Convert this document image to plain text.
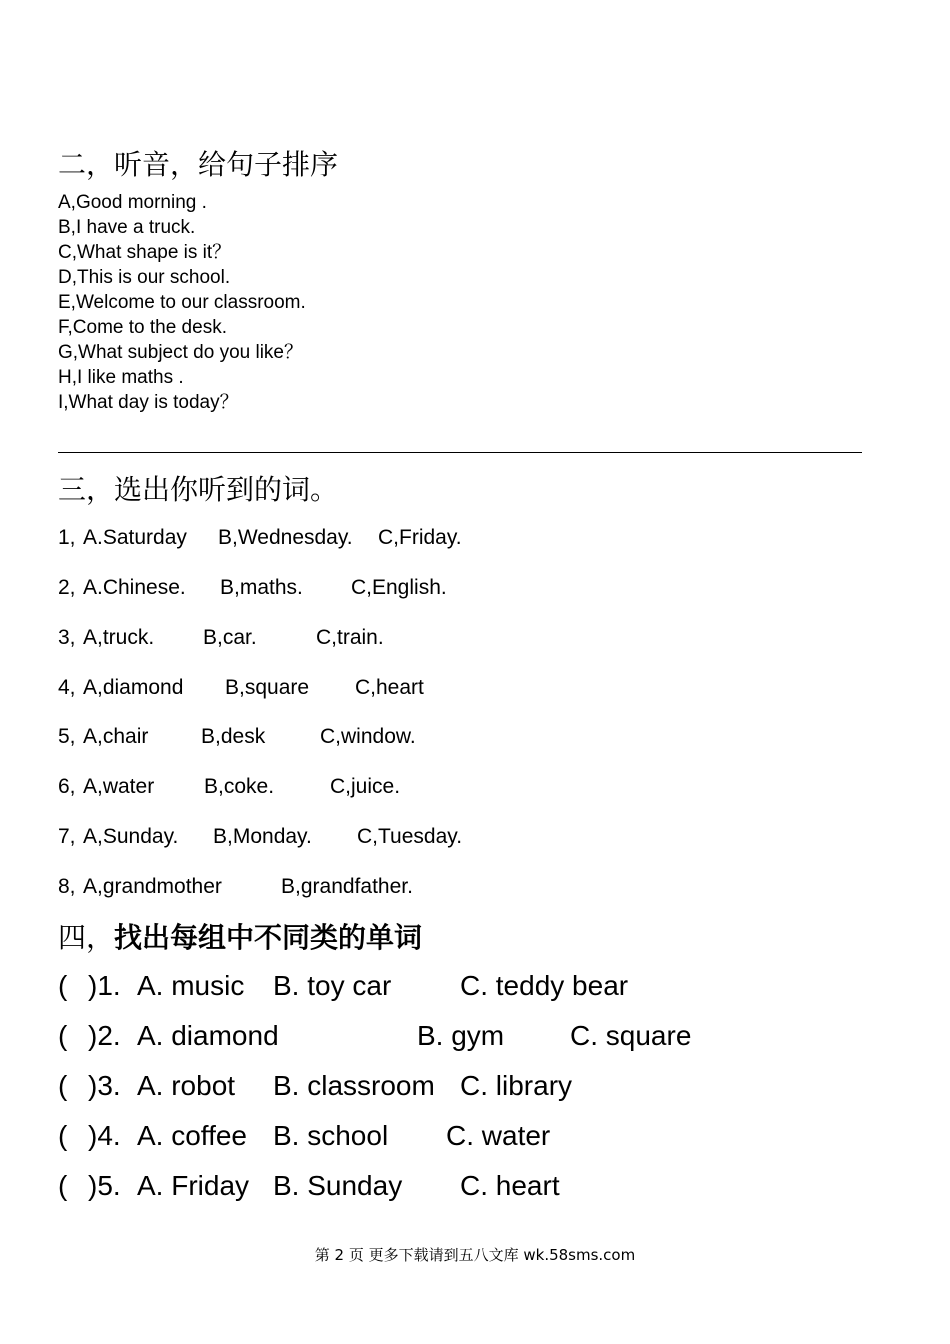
二，听音，给句子排序
A,Good morning .
B,I have a truck.
C,What shape is it？
D,This is our school.
E,Welcome to our classroom.
F,Come to the desk.
G,What subject do you like？
H,I like maths .
I,What day is today？
三，选出你听到的词。
1, A.Saturday B,Wednesday. C,Friday.
2, A.Chinese. B,maths. C,English.
3, A,truck. B,car.	C,train.
4, A,diamond B,square C,heart
5, A,chair	B,desk	C,window.
6, A,water B,coke.	C,juice.
7, A,Sunday. B,Monday. C,Tuesday.
8, A,grandmother	B,grandfather.
四，找出每组中不同类的单词
( )1. A. music B. toy car C. teddy bear
( )2. A. diamond	B. gym C. square
( )3. A. robot B. classroom C. library
( )4. A. coffee B. school C. water
( )5. A. Friday B. Sunday C. heart
第 2 页 更多下载请到五八文库 wk.58sms.com
